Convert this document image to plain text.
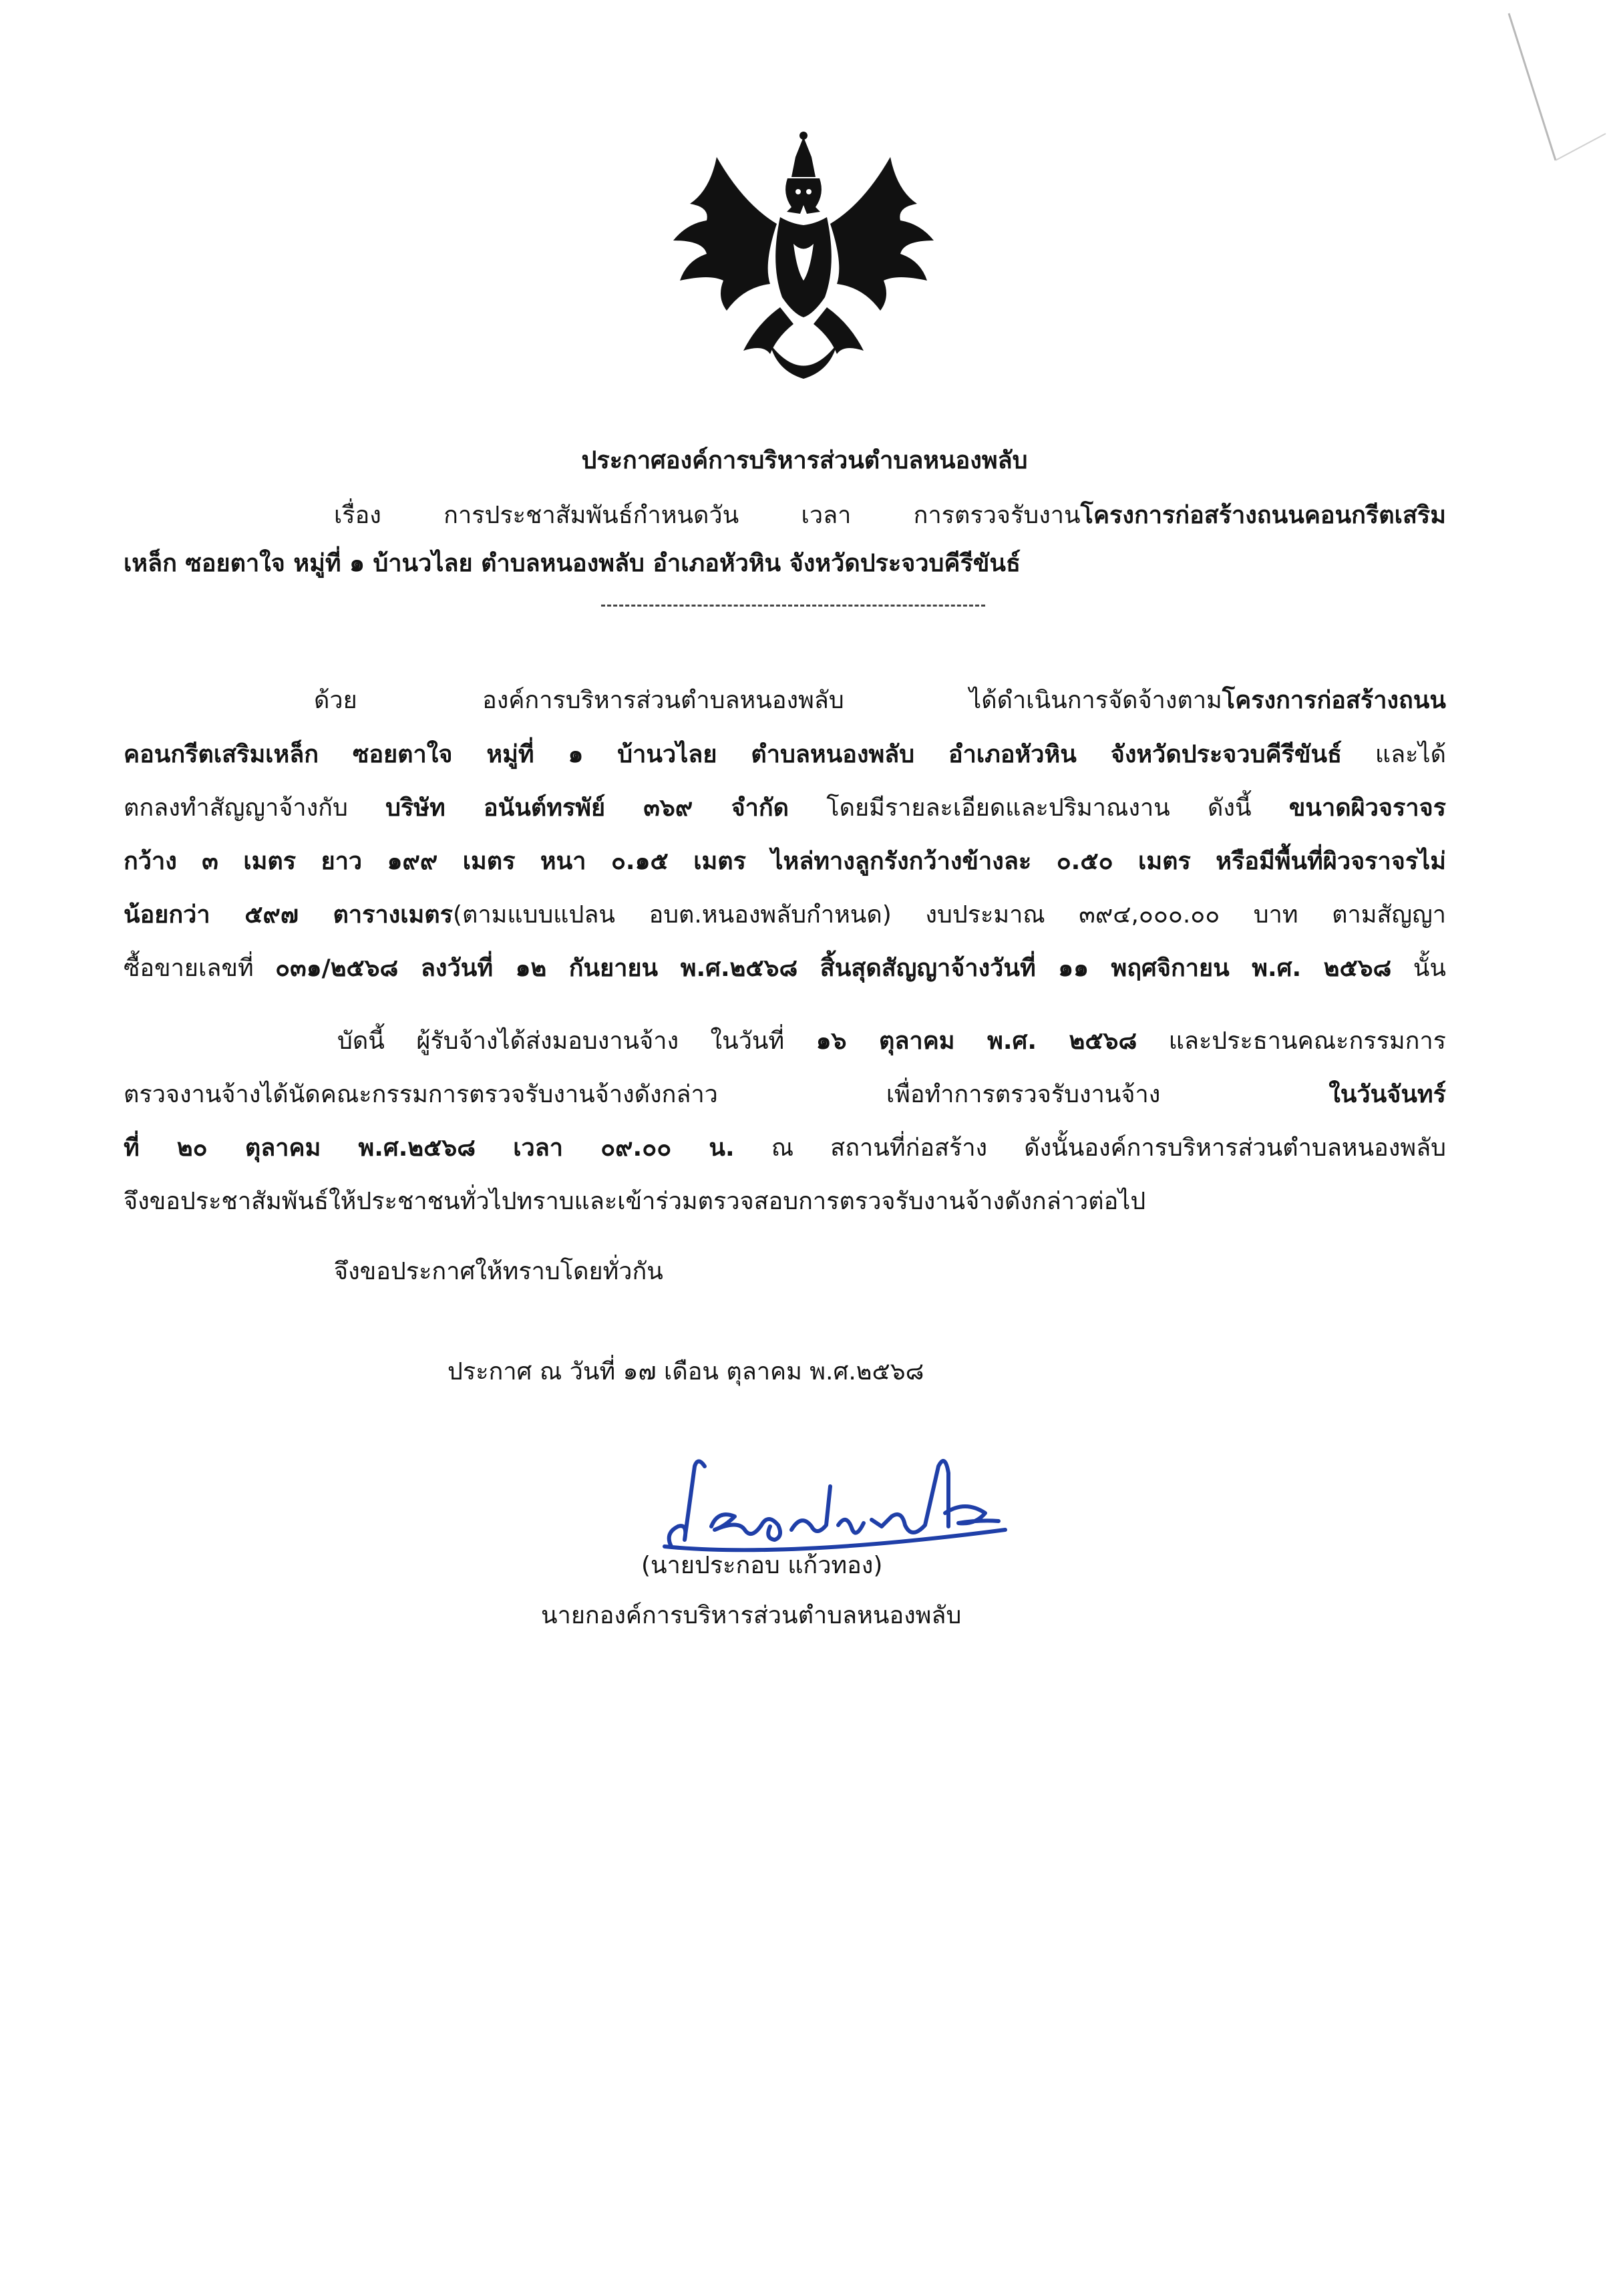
ประกาศองค์การบริหารส่วนตำบลหนองพลับ
เรื่อง การประชาสัมพันธ์กำหนดวัน เวลา การตรวจรับงานโครงการก่อสร้างถนนคอนกรีตเสริม
เหล็ก ซอยตาใจ หมู่ที่ ๑ บ้านวไลย ตำบลหนองพลับ อำเภอหัวหิน จังหวัดประจวบคีรีขันธ์
ด้วย องค์การบริหารส่วนตำบลหนองพลับ ได้ดำเนินการจัดจ้างตามโครงการก่อสร้างถนน
คอนกรีตเสริมเหล็ก ซอยตาใจ หมู่ที่ ๑ บ้านวไลย ตำบลหนองพลับ อำเภอหัวหิน จังหวัดประจวบคีรีขันธ์ และได้
ตกลงทำสัญญาจ้างกับ บริษัท อนันต์ทรพัย์ ๓๖๙ จำกัด โดยมีรายละเอียดและปริมาณงาน ดังนี้ ขนาดผิวจราจร
กว้าง ๓ เมตร ยาว ๑๙๙ เมตร หนา ๐.๑๕ เมตร ไหล่ทางลูกรังกว้างข้างละ ๐.๕๐ เมตร หรือมีพื้นที่ผิวจราจรไม่
น้อยกว่า ๕๙๗ ตารางเมตร(ตามแบบแปลน อบต.หนองพลับกำหนด) งบประมาณ ๓๙๔,๐๐๐.๐๐ บาท ตามสัญญา
ซื้อขายเลขที่ ๐๓๑/๒๕๖๘ ลงวันที่ ๑๒ กันยายน พ.ศ.๒๕๖๘ สิ้นสุดสัญญาจ้างวันที่ ๑๑ พฤศจิกายน พ.ศ. ๒๕๖๘ นั้น
บัดนี้ ผู้รับจ้างได้ส่งมอบงานจ้าง ในวันที่ ๑๖ ตุลาคม พ.ศ. ๒๕๖๘ และประธานคณะกรรมการ
ตรวจงานจ้างได้นัดคณะกรรมการตรวจรับงานจ้างดังกล่าว เพื่อทำการตรวจรับงานจ้าง ในวันจันทร์
ที่ ๒๐ ตุลาคม พ.ศ.๒๕๖๘ เวลา ๐๙.๐๐ น. ณ สถานที่ก่อสร้าง ดังนั้นองค์การบริหารส่วนตำบลหนองพลับ
จึงขอประชาสัมพันธ์ให้ประชาชนทั่วไปทราบและเข้าร่วมตรวจสอบการตรวจรับงานจ้างดังกล่าวต่อไป
จึงขอประกาศให้ทราบโดยทั่วกัน
ประกาศ ณ วันที่ ๑๗ เดือน ตุลาคม พ.ศ.๒๕๖๘
(นายประกอบ แก้วทอง)
นายกองค์การบริหารส่วนตำบลหนองพลับ
